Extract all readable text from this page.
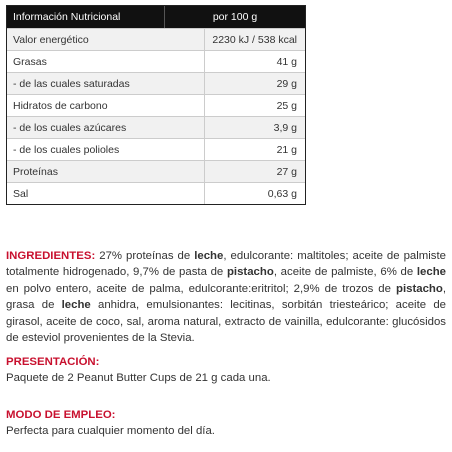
Información Nutricional	por 100 g
Valor energético	2230 kJ / 538 kcal
Grasas	41 g
- de las cuales saturadas	29 g
Hidratos de carbono	25 g
- de los cuales azúcares	3,9 g
- de los cuales polioles	21 g
Proteínas	27 g
Sal	0,63 g

INGREDIENTES: 27% proteínas de leche, edulcorante: maltitoles; aceite de palmiste totalmente hidrogenado, 9,7% de pasta de pistacho, aceite de palmiste, 6% de leche en polvo entero, aceite de palma, edulcorante:eritritol; 2,9% de trozos de pistacho, grasa de leche anhidra, emulsionantes: lecitinas, sorbitán triesteárico; aceite de girasol, aceite de coco, sal, aroma natural, extracto de vainilla, edulcorante: glucósidos de esteviol provenientes de la Stevia.

PRESENTACIÓN:
Paquete de 2 Peanut Butter Cups de 21 g cada una.
MODO DE EMPLEO:
Perfecta para cualquier momento del día.
